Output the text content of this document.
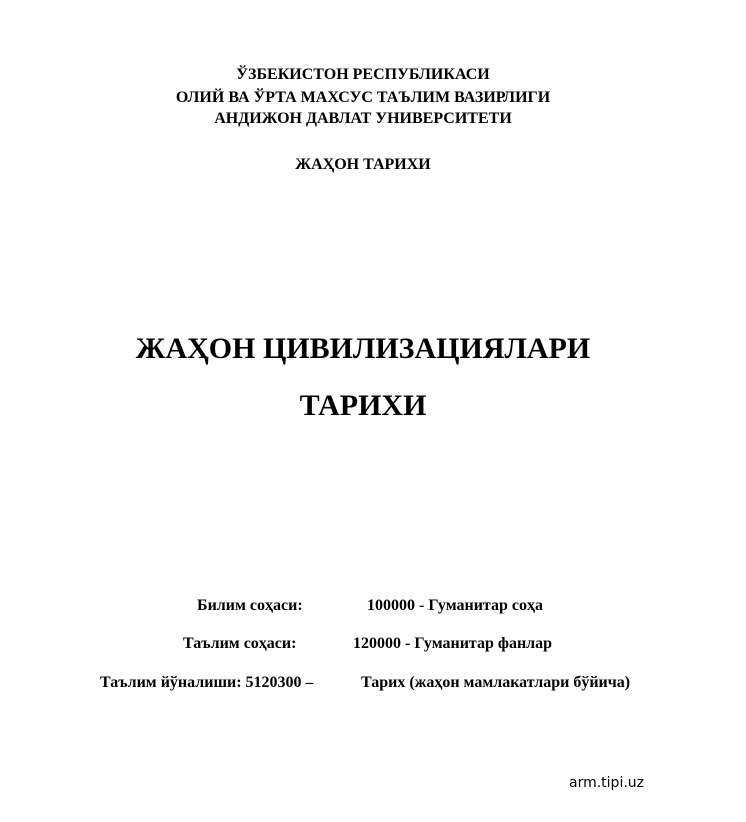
ЎЗБЕКИСТОН РЕСПУБЛИКАСИ
ОЛИЙ ВА ЎРТА МАХСУС ТАЪЛИМ ВАЗИРЛИГИ
АНДИЖОН ДАВЛАТ УНИВЕРСИТЕТИ
ЖАҲОН ТАРИХИ
ЖАҲОН ЦИВИЛИЗАЦИЯЛАРИ
ТАРИХИ
Билим соҳаси:	100000 - Гуманитар соҳа
Таълим соҳаси:	120000 - Гуманитар фанлар
Таълим йўналиши: 5120300 –	Тарих (жаҳон мамлакатлари бўйича)
arm.tipi.uz
